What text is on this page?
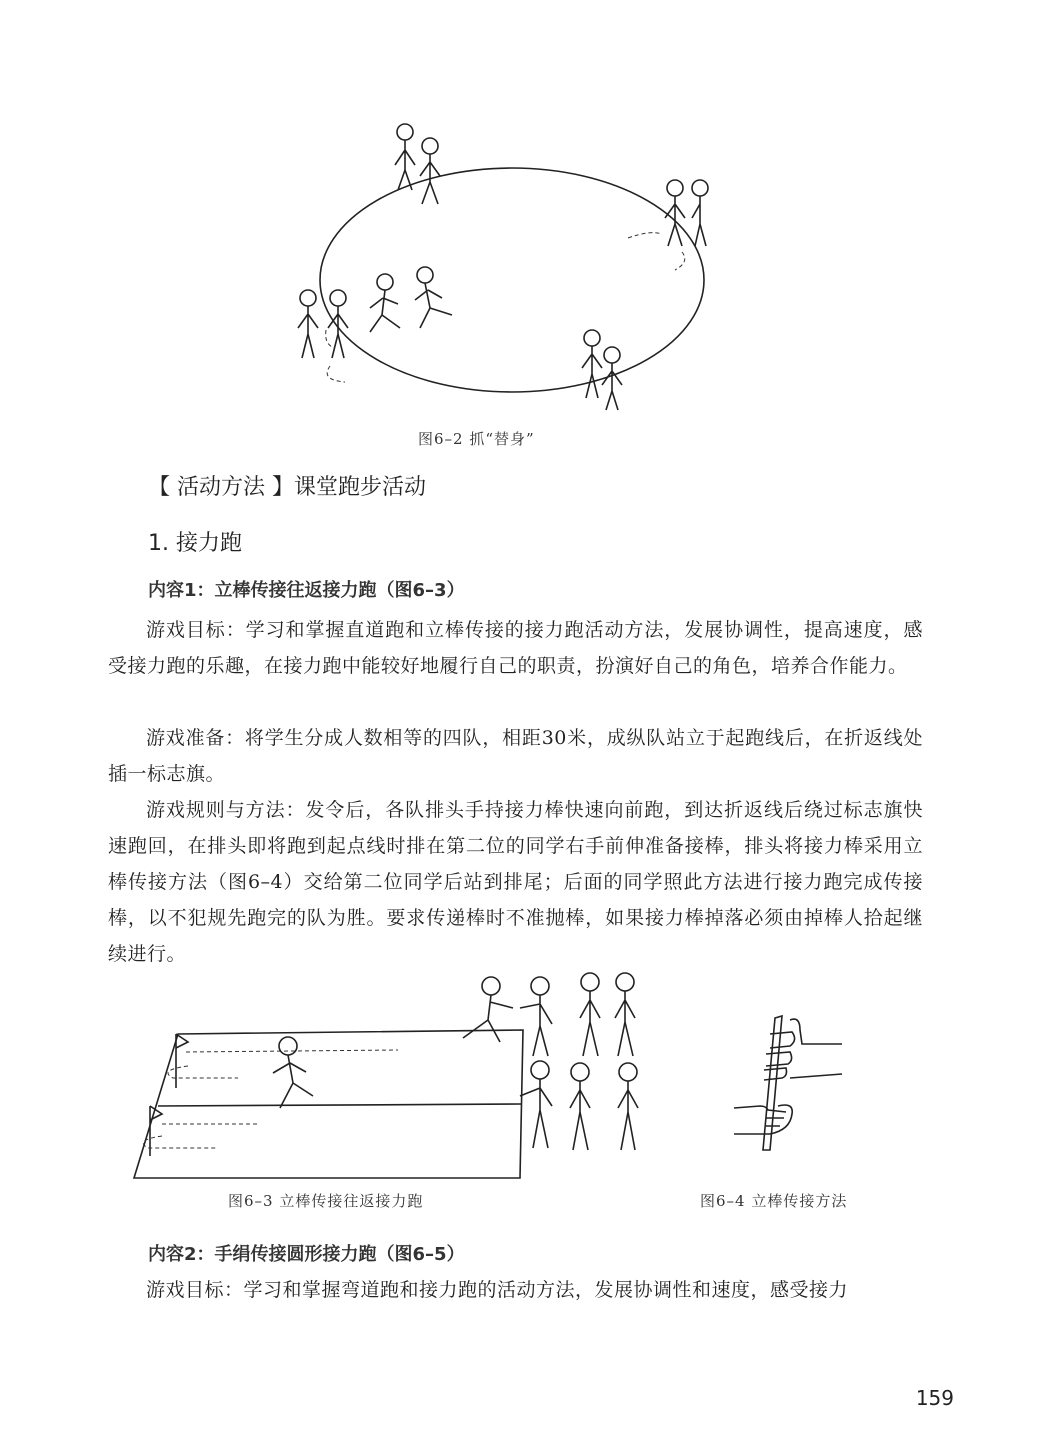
图6–2 抓“替身”
【 活动方法 】课堂跑步活动
1. 接力跑
内容1：立棒传接往返接力跑（图6–3）
游戏目标：学习和掌握直道跑和立棒传接的接力跑活动方法，发展协调性，提高速度，感受接力跑的乐趣，在接力跑中能较好地履行自己的职责，扮演好自己的角色，培养合作能力。
游戏准备：将学生分成人数相等的四队，相距30米，成纵队站立于起跑线后，在折返线处插一标志旗。
游戏规则与方法：发令后，各队排头手持接力棒快速向前跑，到达折返线后绕过标志旗快速跑回，在排头即将跑到起点线时排在第二位的同学右手前伸准备接棒，排头将接力棒采用立棒传接方法（图6–4）交给第二位同学后站到排尾；后面的同学照此方法进行接力跑完成传接棒，以不犯规先跑完的队为胜。要求传递棒时不准抛棒，如果接力棒掉落必须由掉棒人拾起继续进行。
图6–3 立棒传接往返接力跑	图6–4 立棒传接方法
内容2：手绢传接圆形接力跑（图6–5）
游戏目标：学习和掌握弯道跑和接力跑的活动方法，发展协调性和速度，感受接力
159
